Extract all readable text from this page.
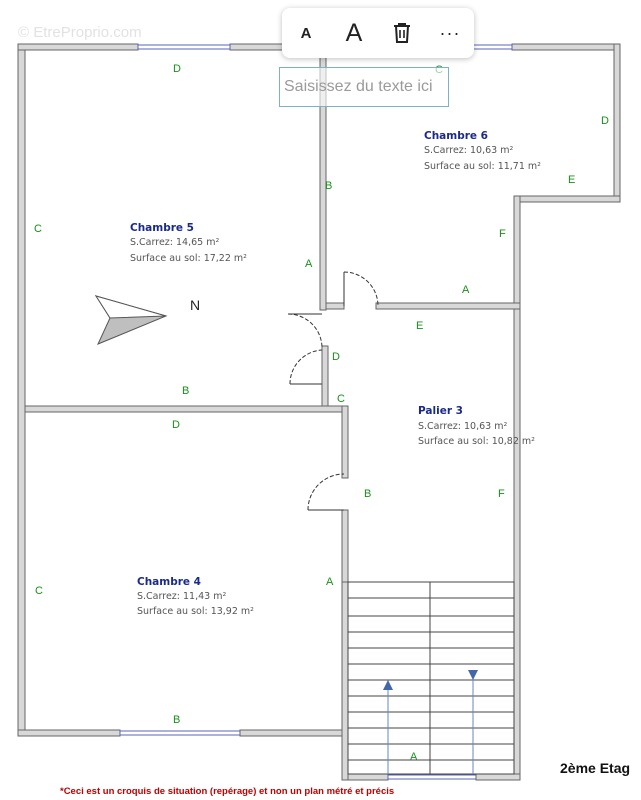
N
D
C
A
B
B
D
E
F
A
E
D
C
B	F
D
C
A
B
A
Chambre 5
S.Carrez: 14,65 m²
Surface au sol: 17,22 m²
Chambre 6
S.Carrez: 10,63 m²
Surface au sol: 11,71 m²
Palier 3
S.Carrez: 10,63 m²
Surface au sol: 10,82 m²
Chambre 4
S.Carrez: 11,43 m²
Surface au sol: 13,92 m²
© EtreProprio.com	A	A	···
Saisissez du texte ici
2ème Etag
*Ceci est un croquis de situation (repérage) et non un plan métré et précis
